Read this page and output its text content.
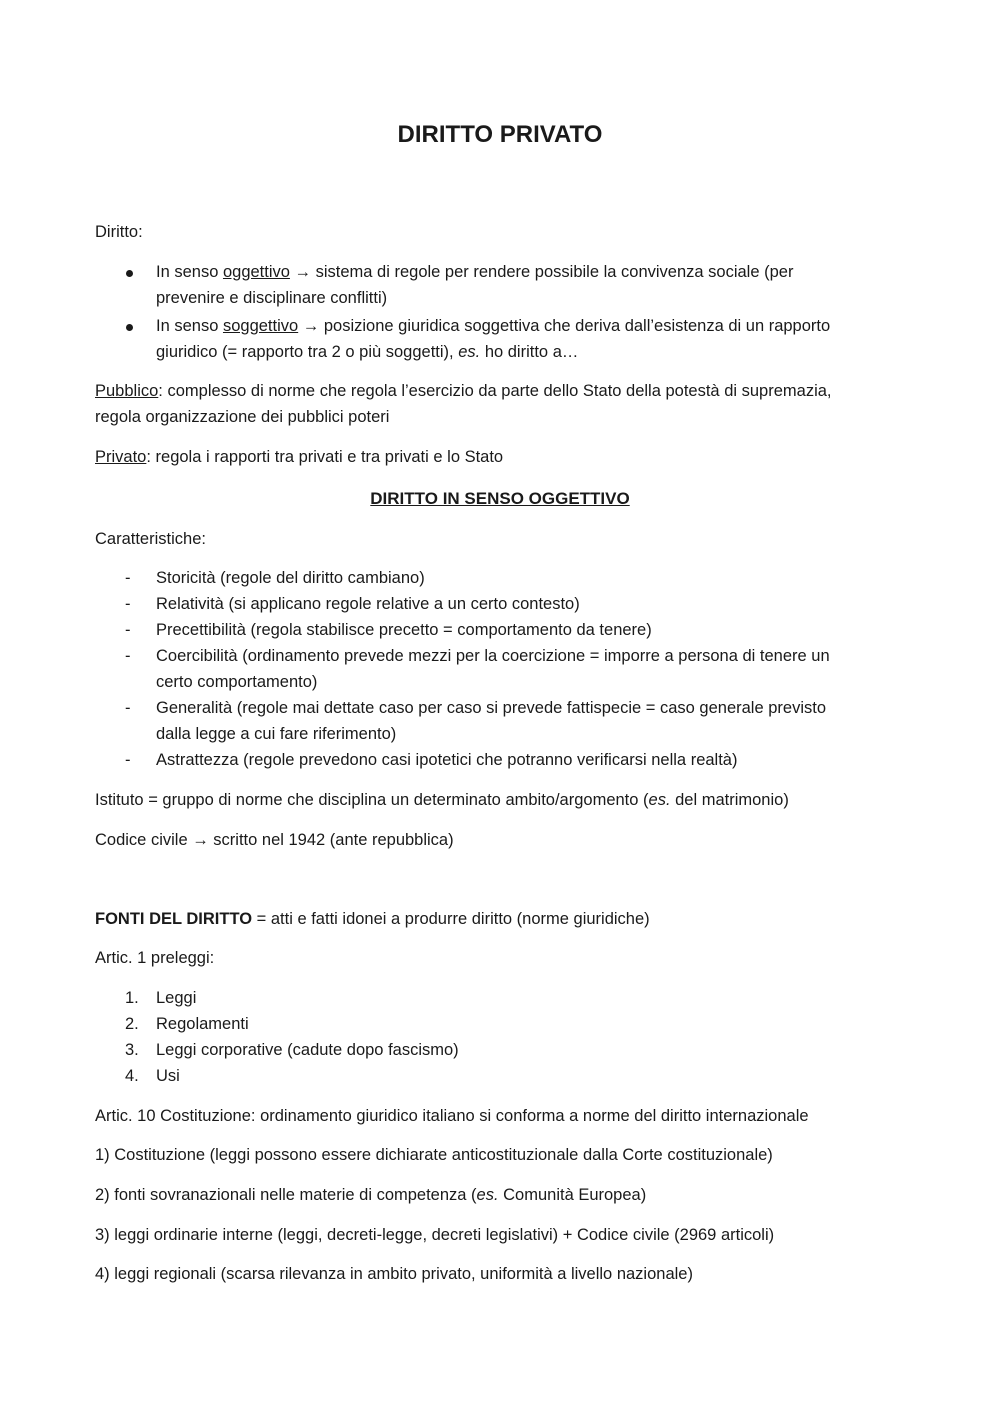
DIRITTO PRIVATO
Diritto:
In senso oggettivo → sistema di regole per rendere possibile la convivenza sociale (per
prevenire e disciplinare conflitti)
In senso soggettivo → posizione giuridica soggettiva che deriva dall’esistenza di un rapporto
giuridico (= rapporto tra 2 o più soggetti), es. ho diritto a…
Pubblico: complesso di norme che regola l’esercizio da parte dello Stato della potestà di supremazia,
regola organizzazione dei pubblici poteri
Privato: regola i rapporti tra privati e tra privati e lo Stato
DIRITTO IN SENSO OGGETTIVO
Caratteristiche:
- Storicità (regole del diritto cambiano)
- Relatività (si applicano regole relative a un certo contesto)
- Precettibilità (regola stabilisce precetto = comportamento da tenere)
- Coercibilità (ordinamento prevede mezzi per la coercizione = imporre a persona di tenere un
certo comportamento)
- Generalità (regole mai dettate caso per caso si prevede fattispecie = caso generale previsto
dalla legge a cui fare riferimento)
- Astrattezza (regole prevedono casi ipotetici che potranno verificarsi nella realtà)
Istituto = gruppo di norme che disciplina un determinato ambito/argomento (es. del matrimonio)
Codice civile → scritto nel 1942 (ante repubblica)
FONTI DEL DIRITTO = atti e fatti idonei a produrre diritto (norme giuridiche)
Artic. 1 preleggi:
1. Leggi
2. Regolamenti
3. Leggi corporative (cadute dopo fascismo)
4. Usi
Artic. 10 Costituzione: ordinamento giuridico italiano si conforma a norme del diritto internazionale
1) Costituzione (leggi possono essere dichiarate anticostituzionale dalla Corte costituzionale)
2) fonti sovranazionali nelle materie di competenza (es. Comunità Europea)
3) leggi ordinarie interne (leggi, decreti-legge, decreti legislativi) + Codice civile (2969 articoli)
4) leggi regionali (scarsa rilevanza in ambito privato, uniformità a livello nazionale)
